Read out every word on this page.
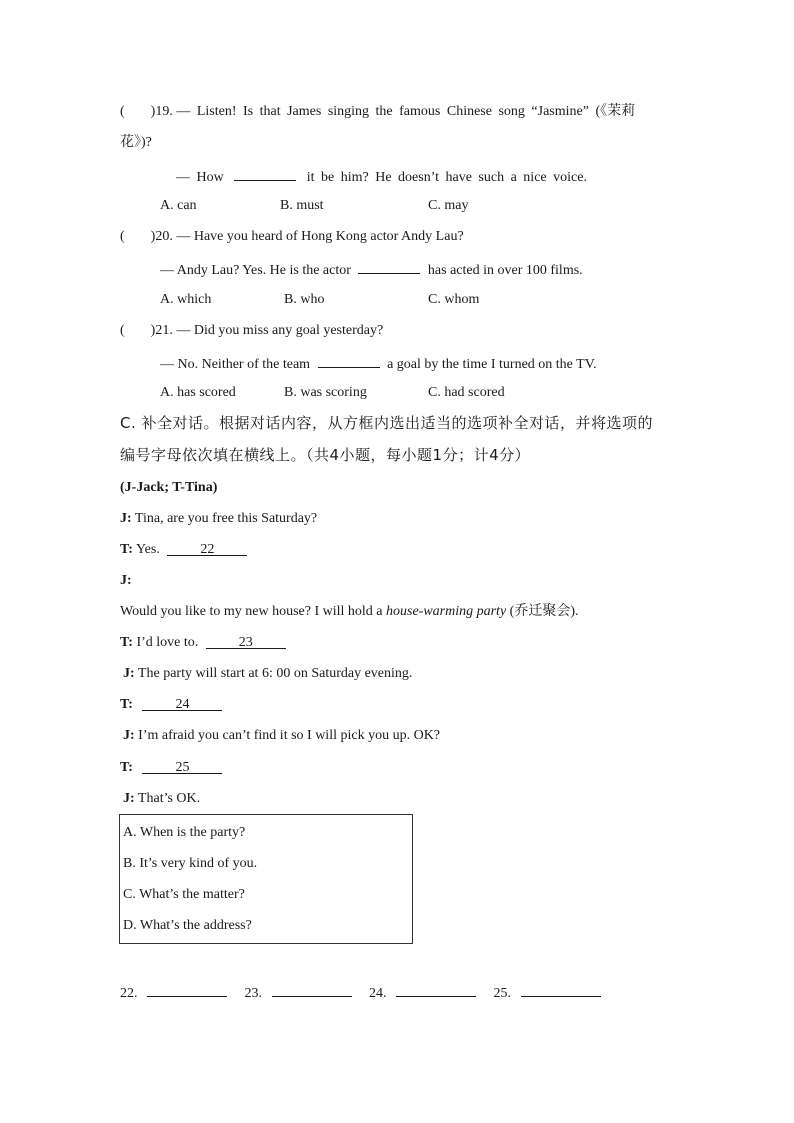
( )19. — Listen! Is that James singing the famous Chinese song “Jasmine” (《茉莉
花》)?
— How	it be him? He doesn’t have such a nice voice.
A. can	B. must	C. may
( )20. — Have you heard of Hong Kong actor Andy Lau?
— Andy Lau? Yes. He is the actor	has acted in over 100 films.
A. which	B. who	C. whom
( )21. — Did you miss any goal yesterday?
— No. Neither of the team	a goal by the time I turned on the TV.
A. has scored	B. was scoring	C. had scored
C. 补全对话。根据对话内容，从方框内选出适当的选项补全对话，并将选项的
编号字母依次填在横线上。（共4小题，每小题1分；计4分）
(J-Jack; T-Tina)
J: Tina, are you free this Saturday?
T: Yes.	22
J:
Would you like to my new house? I will hold a house-warming party (乔迁聚会).
T: I’d love to.	23
J: The party will start at 6: 00 on Saturday evening.
T:	24
J: I’m afraid you can’t find it so I will pick you up. OK?
T:	25
J: That’s OK.
A. When is the party?
B. It’s very kind of you.
C. What’s the matter?
D. What’s the address?
22.	23.	24.	25.
